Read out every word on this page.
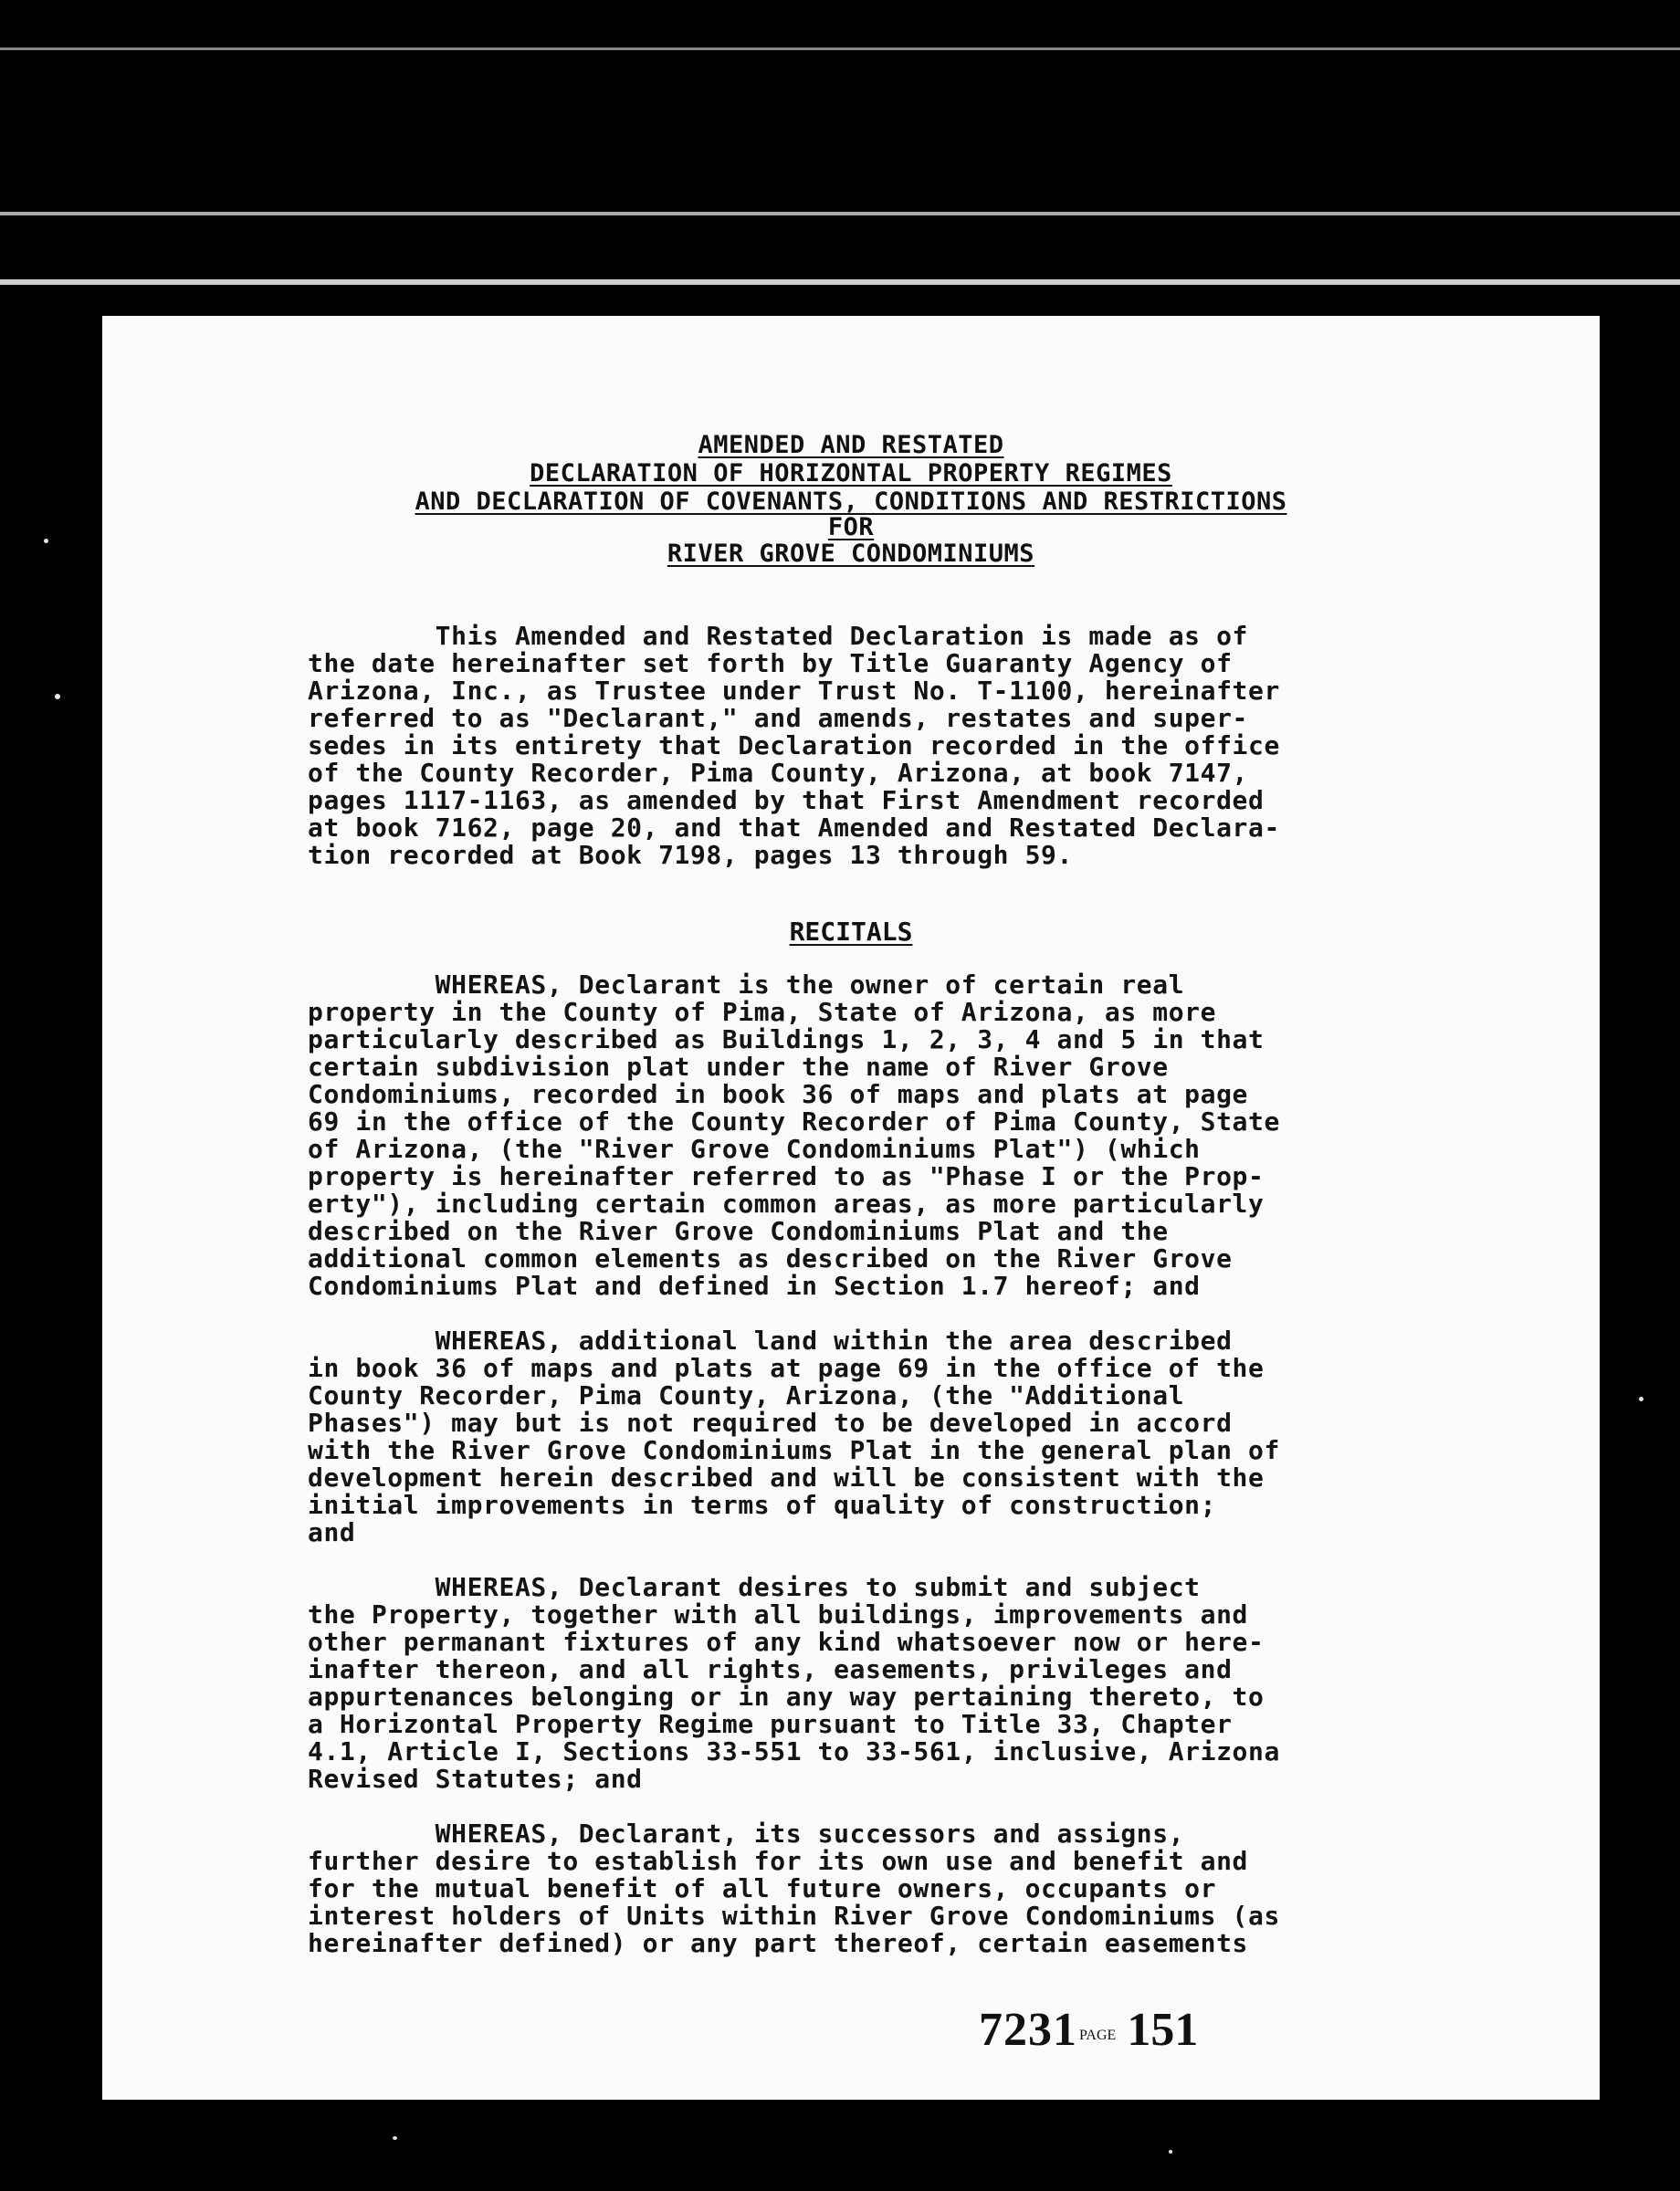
AMENDED AND RESTATED
DECLARATION OF HORIZONTAL PROPERTY REGIMES
AND DECLARATION OF COVENANTS, CONDITIONS AND RESTRICTIONS
FOR
RIVER GROVE CONDOMINIUMS

This Amended and Restated Declaration is made as of
the date hereinafter set forth by Title Guaranty Agency of
Arizona, Inc., as Trustee under Trust No. T-1100, hereinafter
referred to as "Declarant," and amends, restates and super-
sedes in its entirety that Declaration recorded in the office
of the County Recorder, Pima County, Arizona, at book 7147,
pages 1117-1163, as amended by that First Amendment recorded
at book 7162, page 20, and that Amended and Restated Declara-
tion recorded at Book 7198, pages 13 through 59.

RECITALS

WHEREAS, Declarant is the owner of certain real
property in the County of Pima, State of Arizona, as more
particularly described as Buildings 1, 2, 3, 4 and 5 in that
certain subdivision plat under the name of River Grove
Condominiums, recorded in book 36 of maps and plats at page
69 in the office of the County Recorder of Pima County, State
of Arizona, (the "River Grove Condominiums Plat") (which
property is hereinafter referred to as "Phase I or the Prop-
erty"), including certain common areas, as more particularly
described on the River Grove Condominiums Plat and the
additional common elements as described on the River Grove
Condominiums Plat and defined in Section 1.7 hereof; and

WHEREAS, additional land within the area described
in book 36 of maps and plats at page 69 in the office of the
County Recorder, Pima County, Arizona, (the "Additional
Phases") may but is not required to be developed in accord
with the River Grove Condominiums Plat in the general plan of
development herein described and will be consistent with the
initial improvements in terms of quality of construction;
and

WHEREAS, Declarant desires to submit and subject
the Property, together with all buildings, improvements and
other permanant fixtures of any kind whatsoever now or here-
inafter thereon, and all rights, easements, privileges and
appurtenances belonging or in any way pertaining thereto, to
a Horizontal Property Regime pursuant to Title 33, Chapter
4.1, Article I, Sections 33-551 to 33-561, inclusive, Arizona
Revised Statutes; and

WHEREAS, Declarant, its successors and assigns,
further desire to establish for its own use and benefit and
for the mutual benefit of all future owners, occupants or
interest holders of Units within River Grove Condominiums (as
hereinafter defined) or any part thereof, certain easements

7231 PAGE 151
